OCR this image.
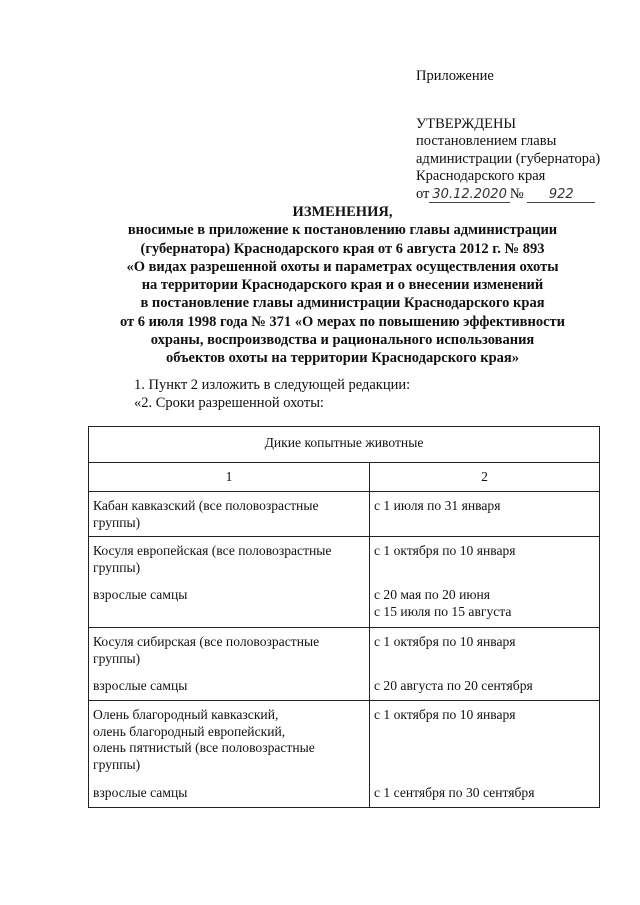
Приложение
УТВЕРЖДЕНЫ
постановлением главы
администрации (губернатора)
Краснодарского края
от 30.12.2020 № 922
ИЗМЕНЕНИЯ,
вносимые в приложение к постановлению главы администрации
(губернатора) Краснодарского края от 6 августа 2012 г. № 893
«О видах разрешенной охоты и параметрах осуществления охоты
на территории Краснодарского края и о внесении изменений
в постановление главы администрации Краснодарского края
от 6 июля 1998 года № 371 «О мерах по повышению эффективности
охраны, воспроизводства и рационального использования
объектов охоты на территории Краснодарского края»
1. Пункт 2 изложить в следующей редакции:
«2. Сроки разрешенной охоты:
Дикие копытные животные	
1	2
Кабан кавказский (все половозрастные группы)	с 1 июля по 31 января
Косуля европейская (все половозрастные группы)	с 1 октября по 10 января
взрослые самцы	с 20 мая по 20 июня
с 15 июля по 15 августа

Косуля сибирская (все половозрастные группы)	с 1 октября по 10 января
взрослые самцы	с 20 августа по 20 сентября

Олень благородный кавказский,
олень благородный европейский,
олень пятнистый (все половозрастные группы)	с 1 октября по 10 января
взрослые самцы	с 1 сентября по 30 сентября
